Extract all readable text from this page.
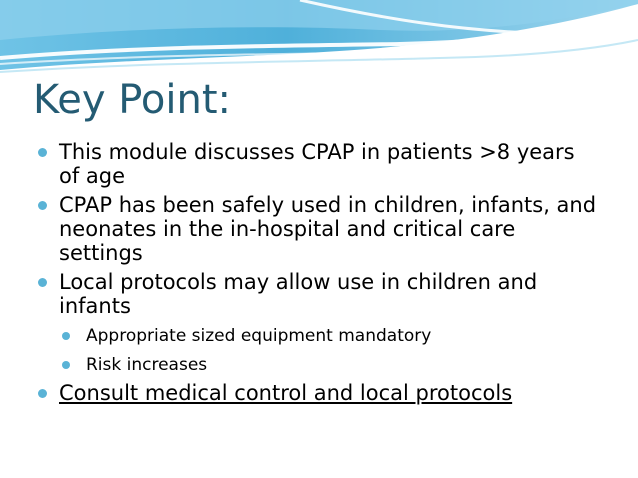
Key Point:
This module discusses CPAP in patients >8 years of age
CPAP has been safely used in children, infants, and neonates in the in-hospital and critical care settings
Local protocols may allow use in children and infants
Appropriate sized equipment mandatory
Risk increases
Consult medical control and local protocols
